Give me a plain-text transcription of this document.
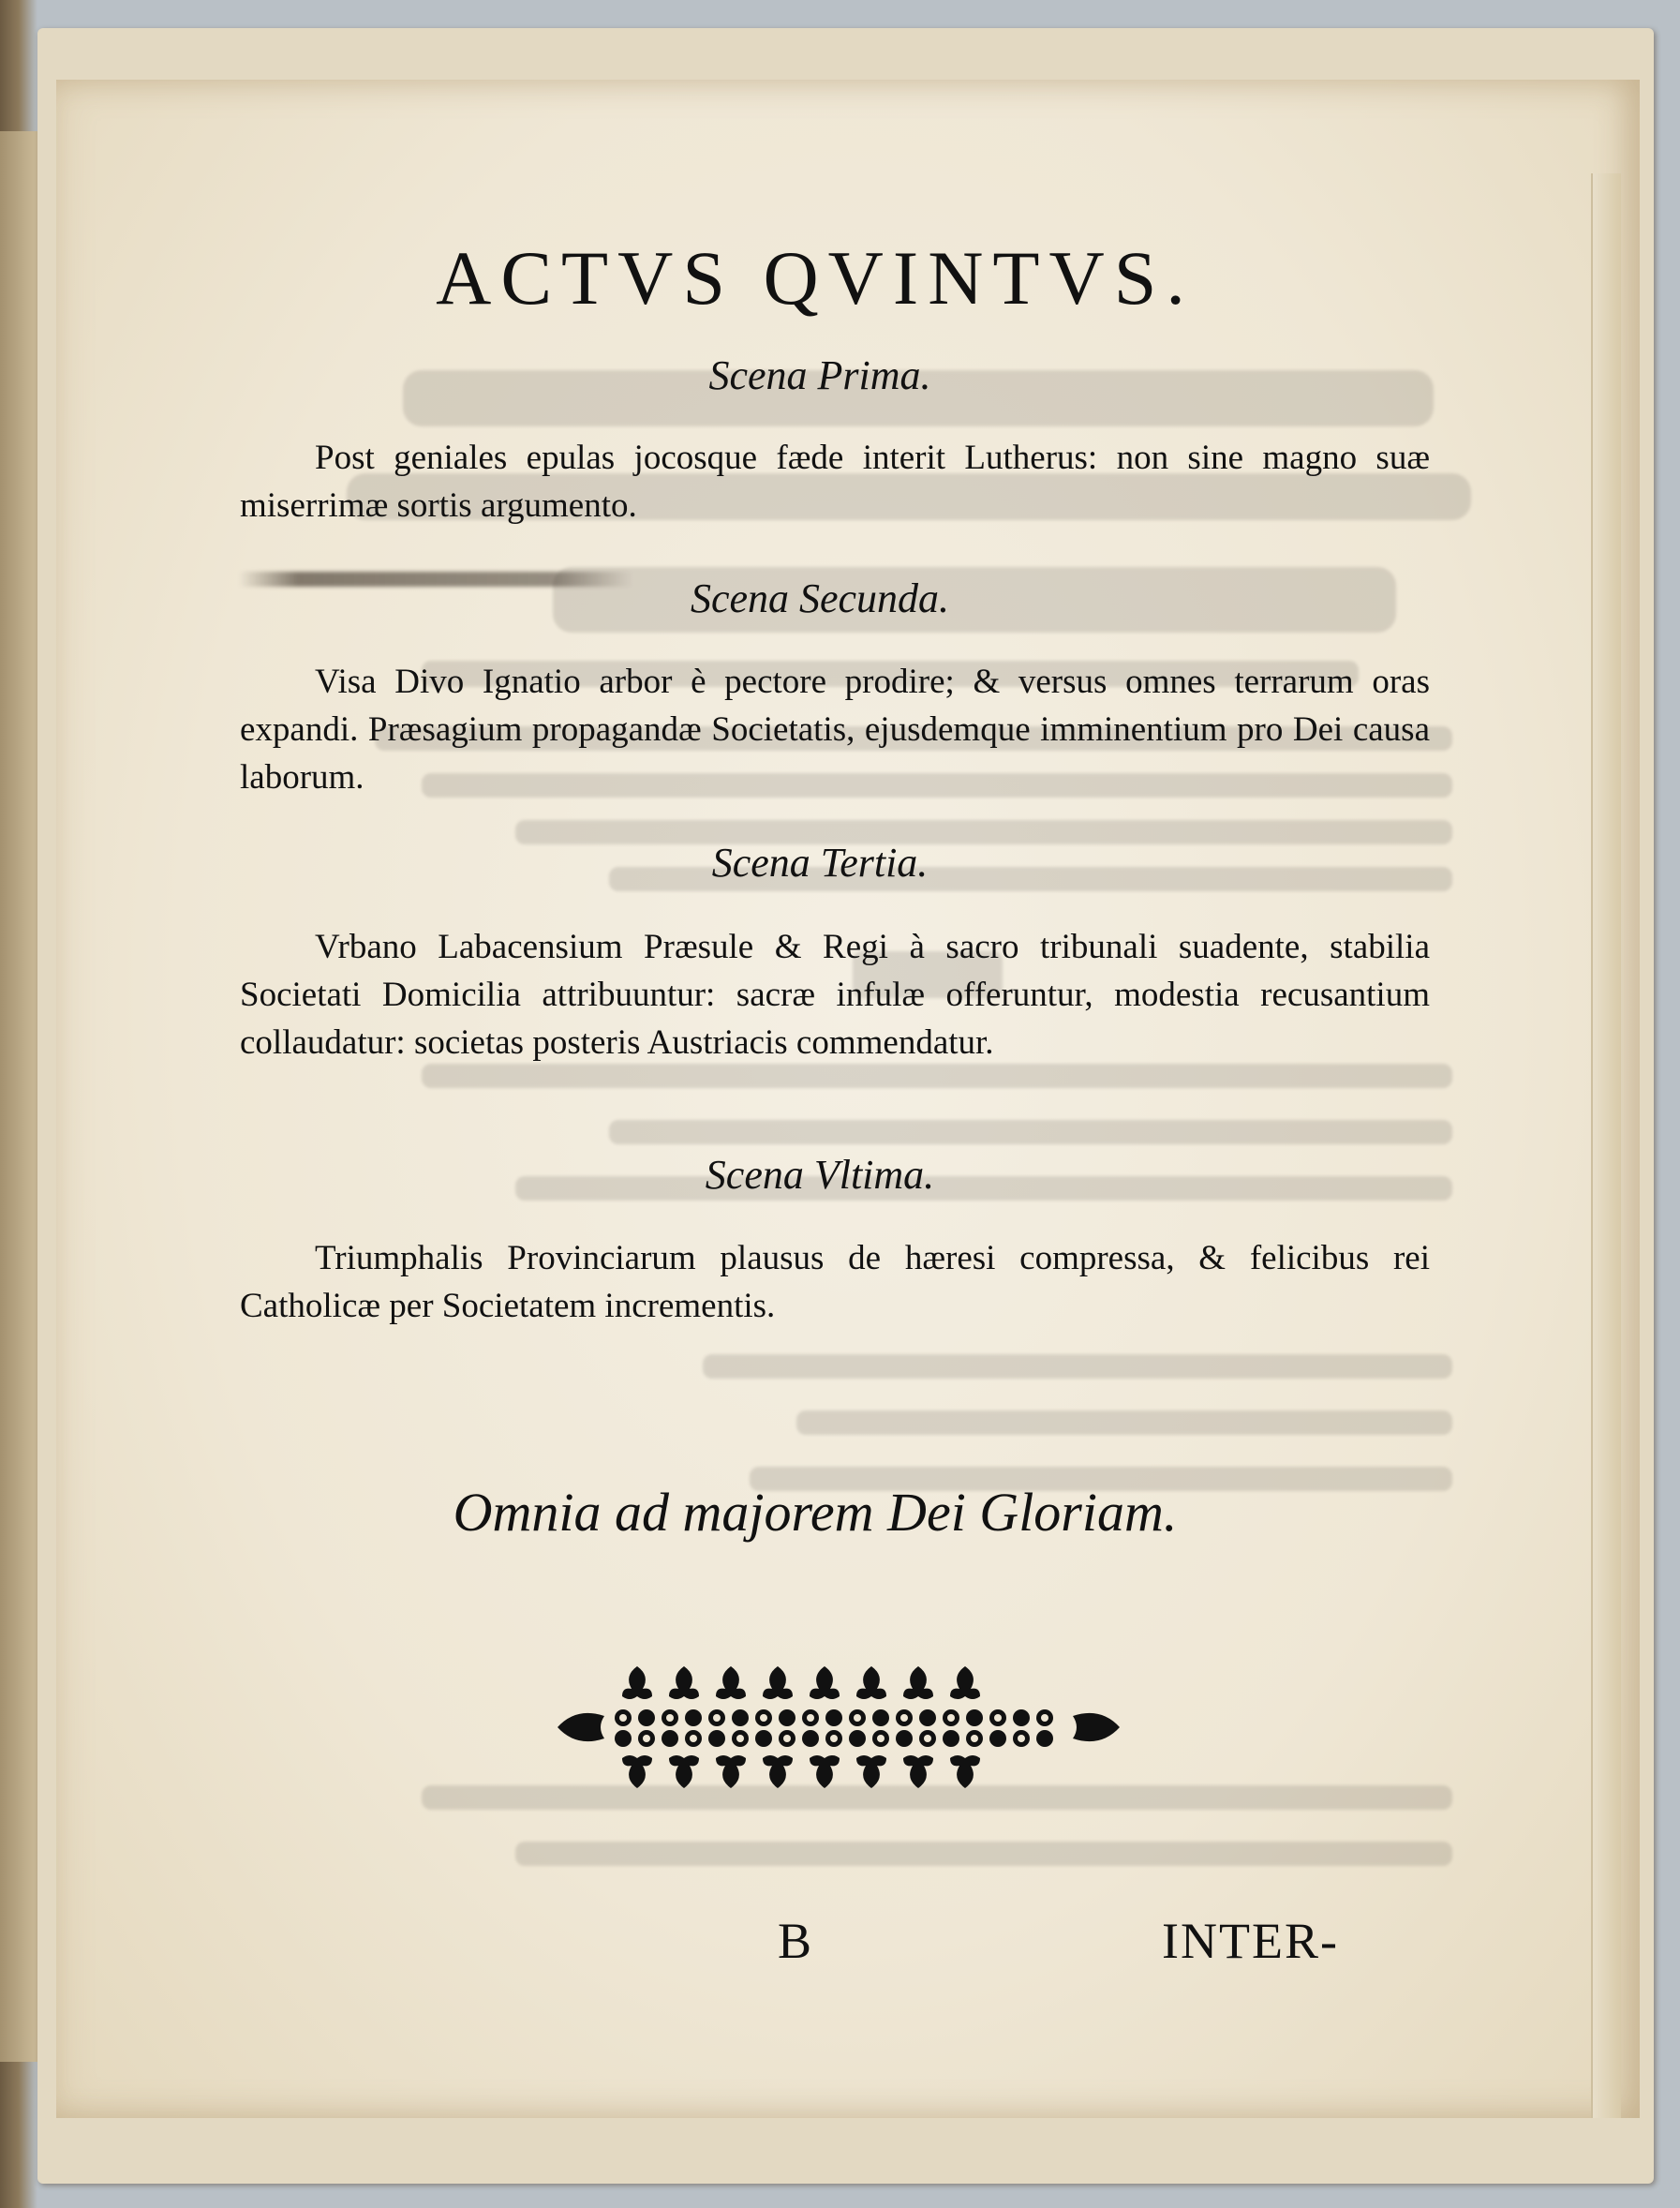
ACTVS QVINTVS.
Scena Prima.
Post geniales epulas jocosque fæde interit Lutherus: non sine magno suæ miserrimæ sortis argumento.
Scena Secunda.
Visa Divo Ignatio arbor è pectore prodire; & versus omnes terrarum oras expandi. Præsagium propagandæ Societatis, ejusdemque imminentium pro Dei causa laborum.
Scena Tertia.
Vrbano Labacensium Præsule & Regi à sacro tribunali suadente, stabilia Societati Domicilia attribuuntur: sacræ infulæ offeruntur, modestia recusantium collaudatur: societas posteris Austriacis commendatur.
Scena Vltima.
Triumphalis Provinciarum plausus de hæresi compressa, & felicibus rei Catholicæ per Societatem incrementis.
Omnia ad majorem Dei Gloriam.
B	INTER-
